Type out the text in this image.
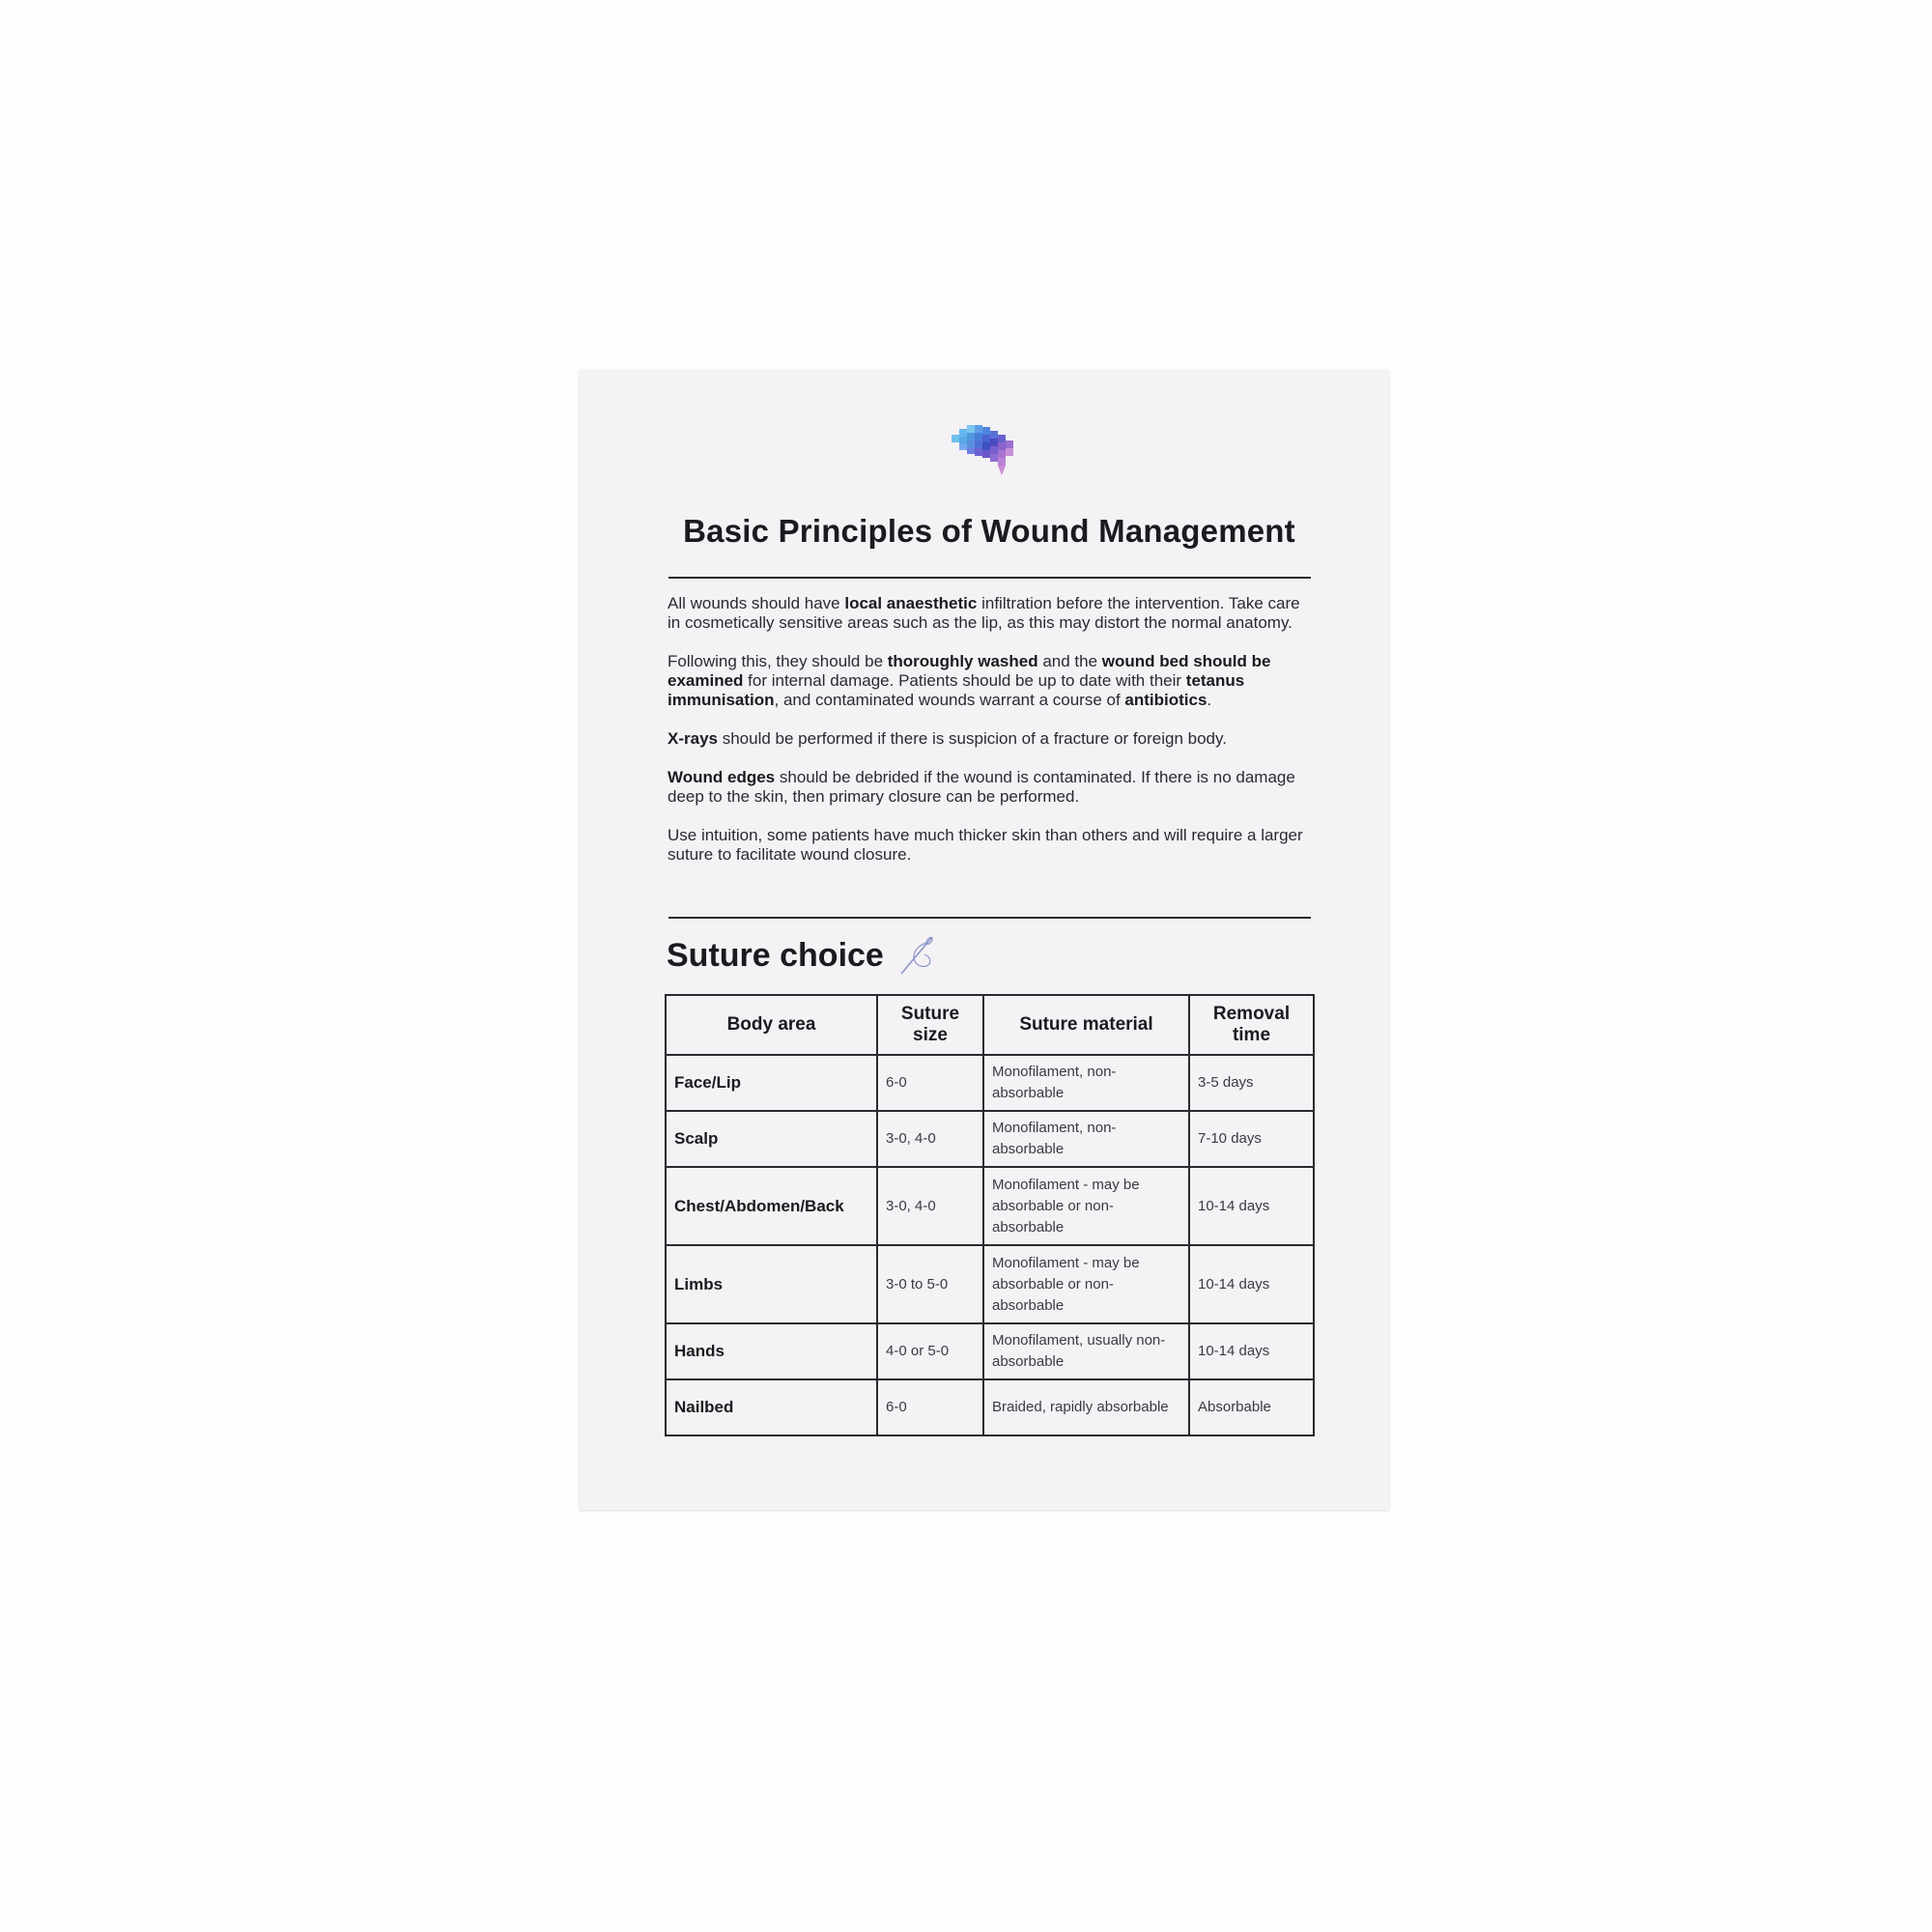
Basic Principles of Wound Management

All wounds should have local anaesthetic infiltration before the intervention. Take care in cosmetically sensitive areas such as the lip, as this may distort the normal anatomy.

Following this, they should be thoroughly washed and the wound bed should be examined for internal damage. Patients should be up to date with their tetanus immunisation, and contaminated wounds warrant a course of antibiotics.

X-rays should be performed if there is suspicion of a fracture or foreign body.

Wound edges should be debrided if the wound is contaminated. If there is no damage deep to the skin, then primary closure can be performed.

Use intuition, some patients have much thicker skin than others and will require a larger suture to facilitate wound closure.

Suture choice
Body area	Suture size	Suture material	Removal time
Face/Lip	6-0	Monofilament, non-absorbable	3-5 days
Scalp	3-0, 4-0	Monofilament, non-absorbable	7-10 days
Chest/Abdomen/Back	3-0, 4-0	Monofilament - may be absorbable or non-absorbable	10-14 days
Limbs	3-0 to 5-0	Monofilament - may be absorbable or non-absorbable	10-14 days
Hands	4-0 or 5-0	Monofilament, usually non-absorbable	10-14 days
Nailbed	6-0	Braided, rapidly absorbable	Absorbable
